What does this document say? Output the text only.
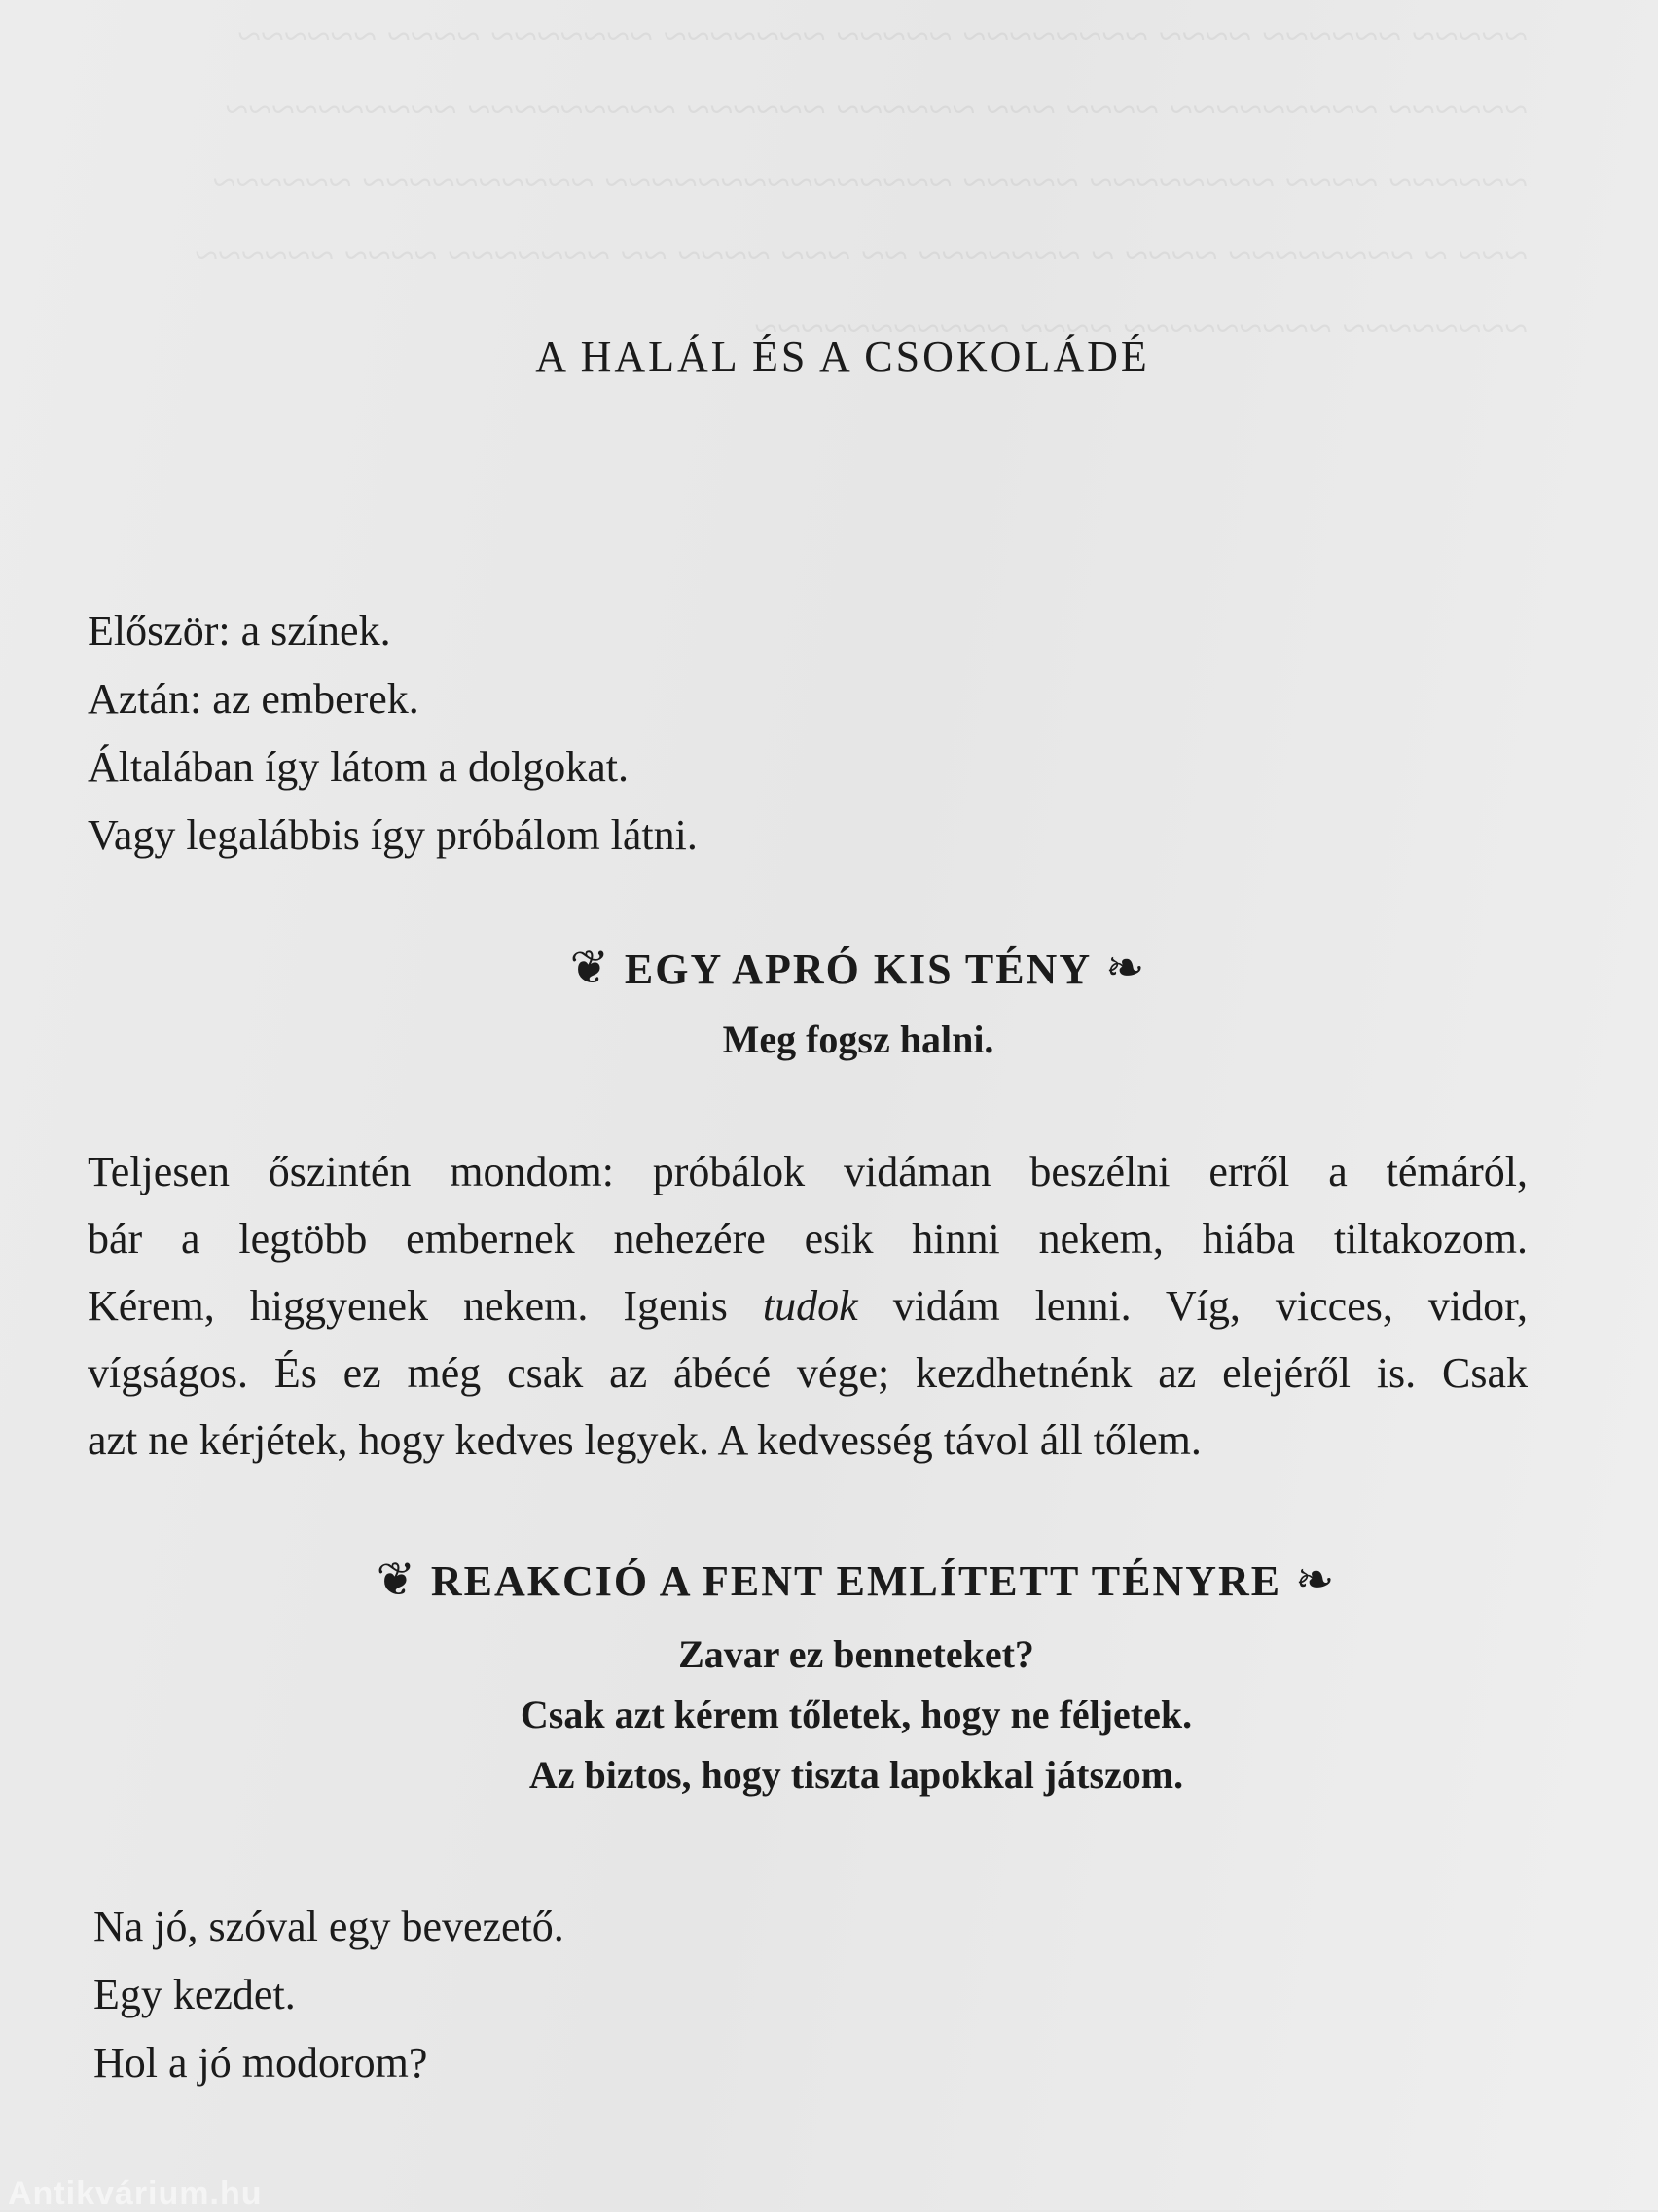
~~~~~ ~~~~~~ ~~~~ ~~~~~~~~ ~~~~~ ~~~~~~~ ~~~~~~~ ~~~~ ~~~~~~
~~~~~~ ~~~~~~~~~ ~~~~ ~~~ ~~~~~~ ~~~~~~ ~~~~~~~~~ ~~~~~~~~~~
~~~~~~ ~~~~ ~~~~~~~~ ~~~~~ ~~~~~~~~~~~~~~~ ~~~~~~~~~~ ~~~~~~
~~~ ~ ~~~~~~~~ ~~~~ ~ ~~~~~~~ ~~ ~~~ ~~~~ ~~ ~~~~~~~ ~~~~ ~~~~~~
~~~~~~~~ ~~~~~~~~~ ~~~~ ~~~~~~~~~~~
A HALÁL ÉS A CSOKOLÁDÉ
Először: a színek.
Aztán: az emberek.
Általában így látom a dolgokat.
Vagy legalábbis így próbálom látni.
❦ EGY APRÓ KIS TÉNY ❧
Meg fogsz halni.
Teljesen őszintén mondom: próbálok vidáman beszélni erről a témáról,
bár a legtöbb embernek nehezére esik hinni nekem, hiába tiltakozom.
Kérem, higgyenek nekem. Igenis tudok vidám lenni. Víg, vicces, vidor,
vígságos. És ez még csak az ábécé vége; kezdhetnénk az elejéről is. Csak
azt ne kérjétek, hogy kedves legyek. A kedvesség távol áll tőlem.
❦ REAKCIÓ A FENT EMLÍTETT TÉNYRE ❧
Zavar ez benneteket?
Csak azt kérem tőletek, hogy ne féljetek.
Az biztos, hogy tiszta lapokkal játszom.
Na jó, szóval egy bevezető.
Egy kezdet.
Hol a jó modorom?
Antikvárium.hu
